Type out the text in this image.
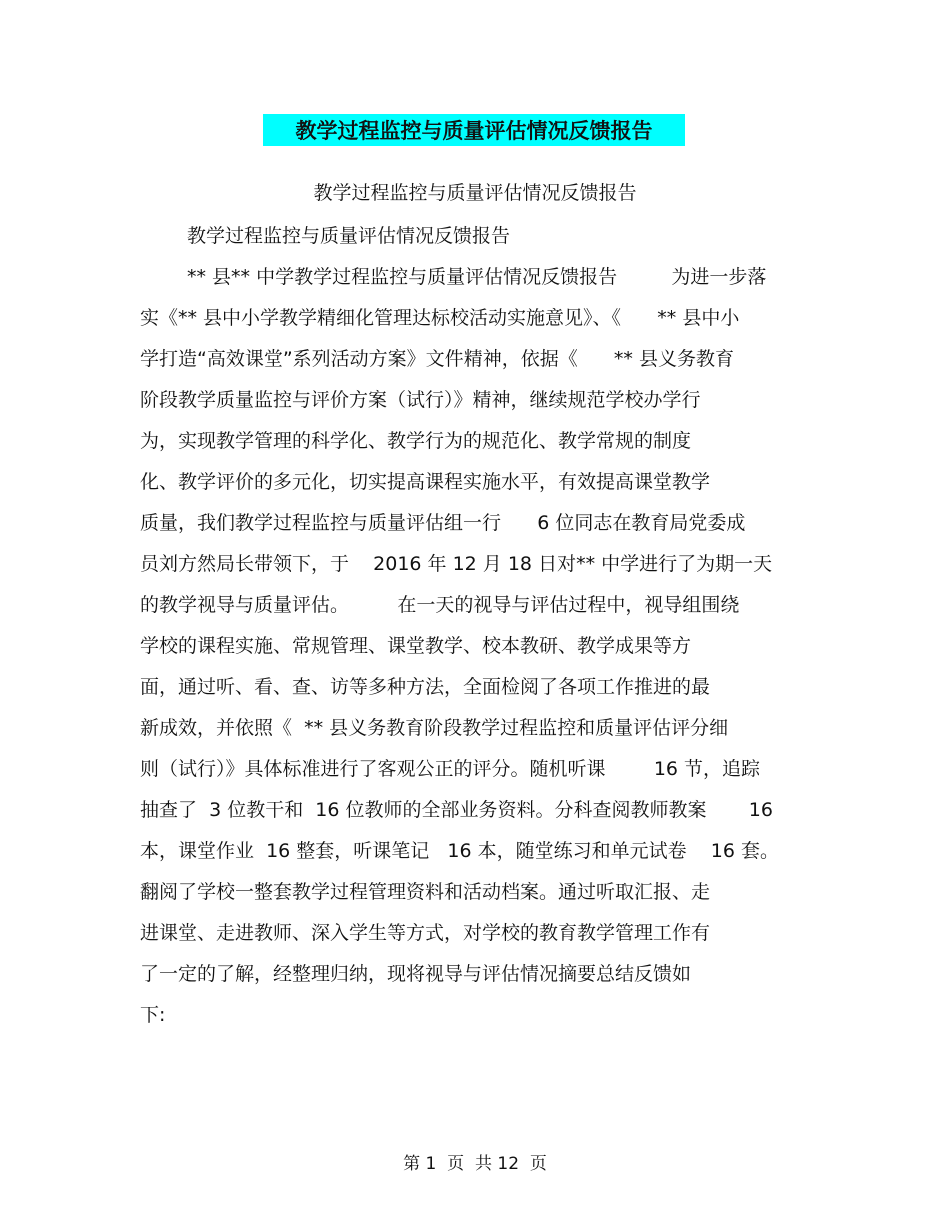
教学过程监控与质量评估情况反馈报告
教学过程监控与质量评估情况反馈报告
教学过程监控与质量评估情况反馈报告
** 县** 中学教学过程监控与质量评估情况反馈报告         为进一步落
实《** 县中小学教学精细化管理达标校活动实施意见》、《      ** 县中小
学打造“高效课堂”系列活动方案》文件精神，依据《      ** 县义务教育
阶段教学质量监控与评价方案（试行）》精神，继续规范学校办学行
为，实现教学管理的科学化、教学行为的规范化、教学常规的制度
化、教学评价的多元化，切实提高课程实施水平，有效提高课堂教学
质量，我们教学过程监控与质量评估组一行      6 位同志在教育局党委成
员刘方然局长带领下，于    2016 年 12 月 18 日对** 中学进行了为期一天
的教学视导与质量评估。        在一天的视导与评估过程中，视导组围绕
学校的课程实施、常规管理、课堂教学、校本教研、教学成果等方
面，通过听、看、查、访等多种方法，全面检阅了各项工作推进的最
新成效，并依照《  ** 县义务教育阶段教学过程监控和质量评估评分细
则（试行）》具体标准进行了客观公正的评分。随机听课        16 节，追踪
抽查了  3 位教干和  16 位教师的全部业务资料。分科查阅教师教案       16
本，课堂作业  16 整套，听课笔记   16 本，随堂练习和单元试卷    16 套。
翻阅了学校一整套教学过程管理资料和活动档案。通过听取汇报、走
进课堂、走进教师、深入学生等方式，对学校的教育教学管理工作有
了一定的了解，经整理归纳，现将视导与评估情况摘要总结反馈如
下:
第 1  页  共 12  页
